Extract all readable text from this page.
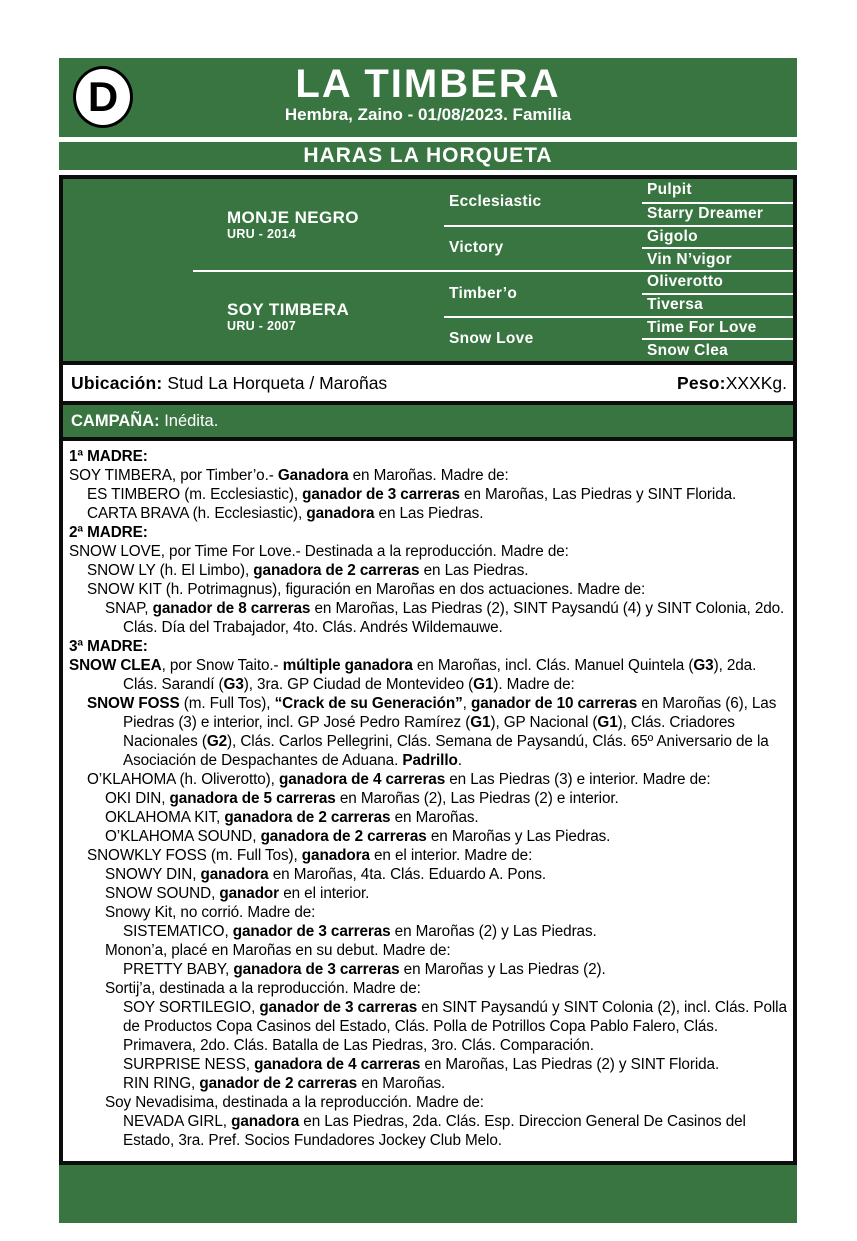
D	LA TIMBERA
Hembra, Zaino - 01/08/2023. Familia
HARAS LA HORQUETA
MONJE NEGRO
URU - 2014
Ecclesiastic
Pulpit
Starry Dreamer
Victory
Gigolo
Vin N’vigor
SOY TIMBERA
URU - 2007
Timber’o
Oliverotto
Tiversa
Snow Love
Time For Love
Snow Clea
Ubicación: Stud La Horqueta / Maroñas	Peso:XXXKg.
CAMPAÑA: Inédita.
1ª MADRE:
SOY TIMBERA, por Timber’o.- Ganadora en Maroñas. Madre de:
ES TIMBERO (m. Ecclesiastic), ganador de 3 carreras en Maroñas, Las Piedras y SINT Florida.
CARTA BRAVA (h. Ecclesiastic), ganadora en Las Piedras.
2ª MADRE:
SNOW LOVE, por Time For Love.- Destinada a la reproducción. Madre de:
SNOW LY (h. El Limbo), ganadora de 2 carreras en Las Piedras.
SNOW KIT (h. Potrimagnus), figuración en Maroñas en dos actuaciones. Madre de:
SNAP, ganador de 8 carreras en Maroñas, Las Piedras (2), SINT Paysandú (4) y SINT Colonia, 2do. Clás. Día del Trabajador, 4to. Clás. Andrés Wildemauwe.
3ª MADRE:
SNOW CLEA, por Snow Taito.- múltiple ganadora en Maroñas, incl. Clás. Manuel Quintela (G3), 2da. Clás. Sarandí (G3), 3ra. GP Ciudad de Montevideo (G1). Madre de:
SNOW FOSS (m. Full Tos), “Crack de su Generación”, ganador de 10 carreras en Maroñas (6), Las Piedras (3) e interior, incl. GP José Pedro Ramírez (G1), GP Nacional (G1), Clás. Criadores Nacionales (G2), Clás. Carlos Pellegrini, Clás. Semana de Paysandú, Clás. 65º Aniversario de la Asociación de Despachantes de Aduana. Padrillo.
O’KLAHOMA (h. Oliverotto), ganadora de 4 carreras en Las Piedras (3) e interior. Madre de:
OKI DIN, ganadora de 5 carreras en Maroñas (2), Las Piedras (2) e interior.
OKLAHOMA KIT, ganadora de 2 carreras en Maroñas.
O’KLAHOMA SOUND, ganadora de 2 carreras en Maroñas y Las Piedras.
SNOWKLY FOSS (m. Full Tos), ganadora en el interior. Madre de:
SNOWY DIN, ganadora en Maroñas, 4ta. Clás. Eduardo A. Pons.
SNOW SOUND, ganador en el interior.
Snowy Kit, no corrió. Madre de:
SISTEMATICO, ganador de 3 carreras en Maroñas (2) y Las Piedras.
Monon’a, placé en Maroñas en su debut. Madre de:
PRETTY BABY, ganadora de 3 carreras en Maroñas y Las Piedras (2).
Sortij’a, destinada a la reproducción. Madre de:
SOY SORTILEGIO, ganador de 3 carreras en SINT Paysandú y SINT Colonia (2), incl. Clás. Polla de Productos Copa Casinos del Estado, Clás. Polla de Potrillos Copa Pablo Falero, Clás. Primavera, 2do. Clás. Batalla de Las Piedras, 3ro. Clás. Comparación.
SURPRISE NESS, ganadora de 4 carreras en Maroñas, Las Piedras (2) y SINT Florida.
RIN RING, ganador de 2 carreras en Maroñas.
Soy Nevadisima, destinada a la reproducción. Madre de:
NEVADA GIRL, ganadora en Las Piedras, 2da. Clás. Esp. Direccion General De Casinos del Estado, 3ra. Pref. Socios Fundadores Jockey Club Melo.
